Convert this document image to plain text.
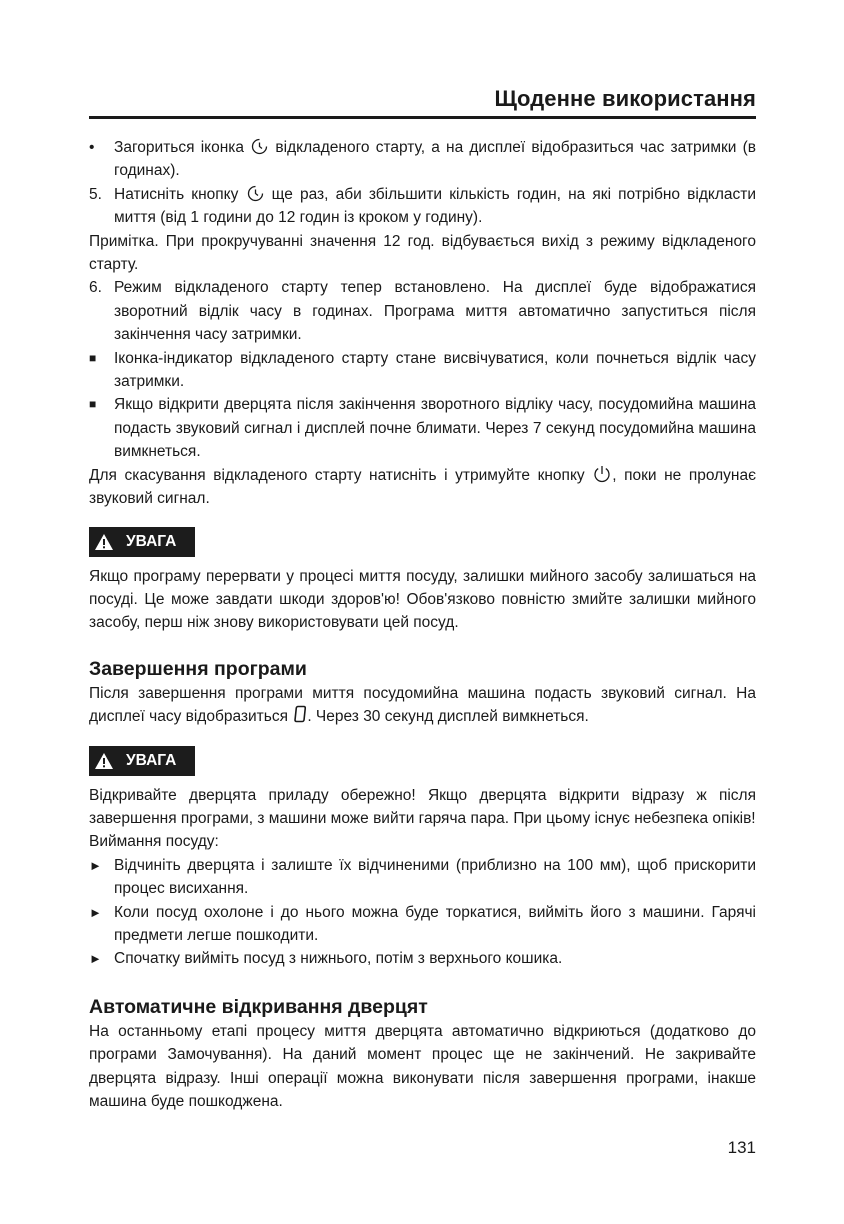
Щоденне використання
• Загориться іконка відкладеного старту, а на дисплеї відобразиться час затримки (в годинах).
5. Натисніть кнопку ще раз, аби збільшити кількість годин, на які потрібно відкласти миття (від 1 години до 12 годин із кроком у годину).

Примітка. При прокручуванні значення 12 год. відбувається вихід з режиму відкладеного старту.

6. Режим відкладеного старту тепер встановлено. На дисплеї буде відображатися зворотний відлік часу в годинах. Програма миття автоматично запуститься після закінчення часу затримки.
■ Іконка-індикатор відкладеного старту стане висвічуватися, коли почнеться відлік часу затримки.
■ Якщо відкрити дверцята після закінчення зворотного відліку часу, посудомийна машина подасть звуковий сигнал і дисплей почне блимати. Через 7 секунд посудомийна машина вимкнеться.

Для скасування відкладеного старту натисніть і утримуйте кнопку , поки не пролунає звуковий сигнал.

УВАГА

Якщо програму перервати у процесі миття посуду, залишки мийного засобу залишаться на посуді. Це може завдати шкоди здоров'ю! Обов'язково повністю змийте залишки мийного засобу, перш ніж знову використовувати цей посуд.

Завершення програми

Після завершення програми миття посудомийна машина подасть звуковий сигнал. На дисплеї часу відобразиться . Через 30 секунд дисплей вимкнеться.

УВАГА

Відкривайте дверцята приладу обережно! Якщо дверцята відкрити відразу ж після завершення програми, з машини може вийти гаряча пара. При цьому існує небезпека опіків!

Виймання посуду:

► Відчиніть дверцята і залиште їх відчиненими (приблизно на 100 мм), щоб прискорити процес висихання.
► Коли посуд охолоне і до нього можна буде торкатися, вийміть його з машини. Гарячі предмети легше пошкодити.
► Спочатку вийміть посуд з нижнього, потім з верхнього кошика.
Автоматичне відкривання дверцят

На останньому етапі процесу миття дверцята автоматично відкриються (додатково до програми Замочування). На даний момент процес ще не закінчений. Не закривайте дверцята відразу. Інші операції можна виконувати після завершення програми, інакше машина буде пошкоджена.

131
